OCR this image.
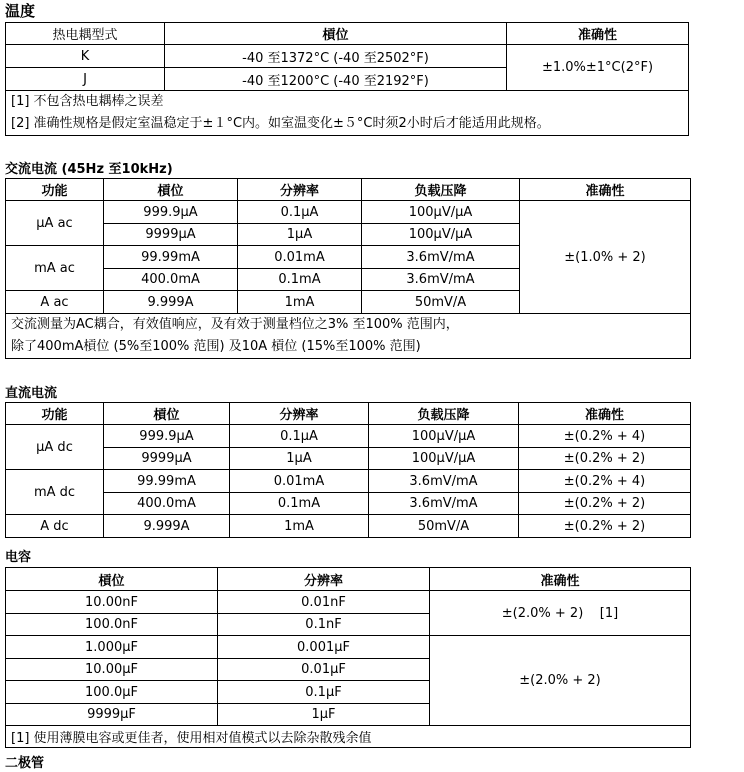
温度
热电耦型式	槓位	准确性
K	-40 至1372°C (-40 至2502°F)	±1.0%±1°C(2°F)
J	-40 至1200°C (-40 至2192°F)	

[1] 不包含热电耦棒之误差
[2] 准确性规格是假定室温稳定于±１°C内。如室温变化±５°C时须2小时后才能适用此规格。		
交流电流 (45Hz 至10kHz)
功能	槓位	分辨率	负载压降	准确性
μA ac	999.9μA	0.1μA	100μV/μA	±(1.0% + 2)
	9999μA	1μA	100μV/μA	
mA ac	99.99mA	0.01mA	3.6mV/mA	
	400.0mA	0.1mA	3.6mV/mA	
A ac	9.999A	1mA	50mV/A	

交流测量为AC耦合，有效值响应，及有效于测量档位之3% 至100% 范围内，
除了400mA槓位 (5%至100% 范围) 及10A 槓位 (15%至100% 范围)				
直流电流
功能	槓位	分辨率	负载压降	准确性
μA dc	999.9μA	0.1μA	100μV/μA	±(0.2% + 4)
	9999μA	1μA	100μV/μA	±(0.2% + 2)
mA dc	99.99mA	0.01mA	3.6mV/mA	±(0.2% + 4)
	400.0mA	0.1mA	3.6mV/mA	±(0.2% + 2)
A dc	9.999A	1mA	50mV/A	±(0.2% + 2)
电容
槓位	分辨率	准确性
10.00nF	0.01nF	±(2.0% + 2)    [1]
100.0nF	0.1nF	
1.000μF	0.001μF	±(2.0% + 2)
10.00μF	0.01μF	
100.0μF	0.1μF	
9999μF	1μF	
[1] 使用薄膜电容或更佳者，使用相对值模式以去除杂散残余值		
二极管
